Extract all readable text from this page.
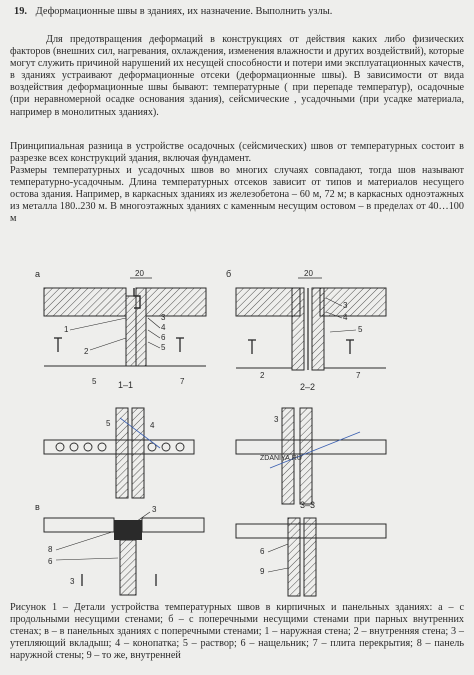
19. Деформационные швы в зданиях, их назначение. Выполнить узлы.

Для предотвращения деформаций в конструкциях от действия каких либо физических факторов (внешних сил, нагревания, охлаждения, изменения влажности и других воздействий), которые могут служить причиной нарушений их несущей способности и потери ими эксплуатационных качеств, в зданиях устраивают деформационные отсеки (деформационные швы). В зависимости от вида воздействия деформационные швы бывают: температурные ( при перепаде температур), осадочные (при неравномерной осадке основания здания), сейсмические , усадочными (при усадке материала, например в монолитных зданиях).

Принципиальная разница в устройстве осадочных (сейсмических) швов от температурных состоит в разрезке всех конструкций здания, включая фундамент.

Размеры температурных и усадочных швов во многих случаях совпадают, тогда шов называют температурно-усадочным. Длина температурных отсеков зависит от типов и материалов несущего остова здания. Например, в каркасных зданиях из железобетона – 60 м, 72 м; в каркасных одноэтажных из металла 180..230 м. В многоэтажных зданиях с каменным несущим остовом – в пределах от 40…100 м

а	20
1
2
3
4
6
5
5	7
1–1
б	20
3
4
5
2	7
2–2
5	4
ZDANIYA.RU
3
в
8
6
3
3
3–3
6
9

Рисунок 1 – Детали устройства температурных швов в кирпичных и панельных зданиях: а – с продольными несущими стенами; б – с поперечными несущими стенами при парных внутренних стенах; в – в панельных зданиях с поперечными стенами; 1 – наружная стена; 2 – внутренняя стена; 3 – утепляющий вкладыш; 4 – конопатка; 5 – раствор; 6 – нащельник; 7 – плита перекрытия; 8 – панель наружной стены; 9 – то же, внутренней
